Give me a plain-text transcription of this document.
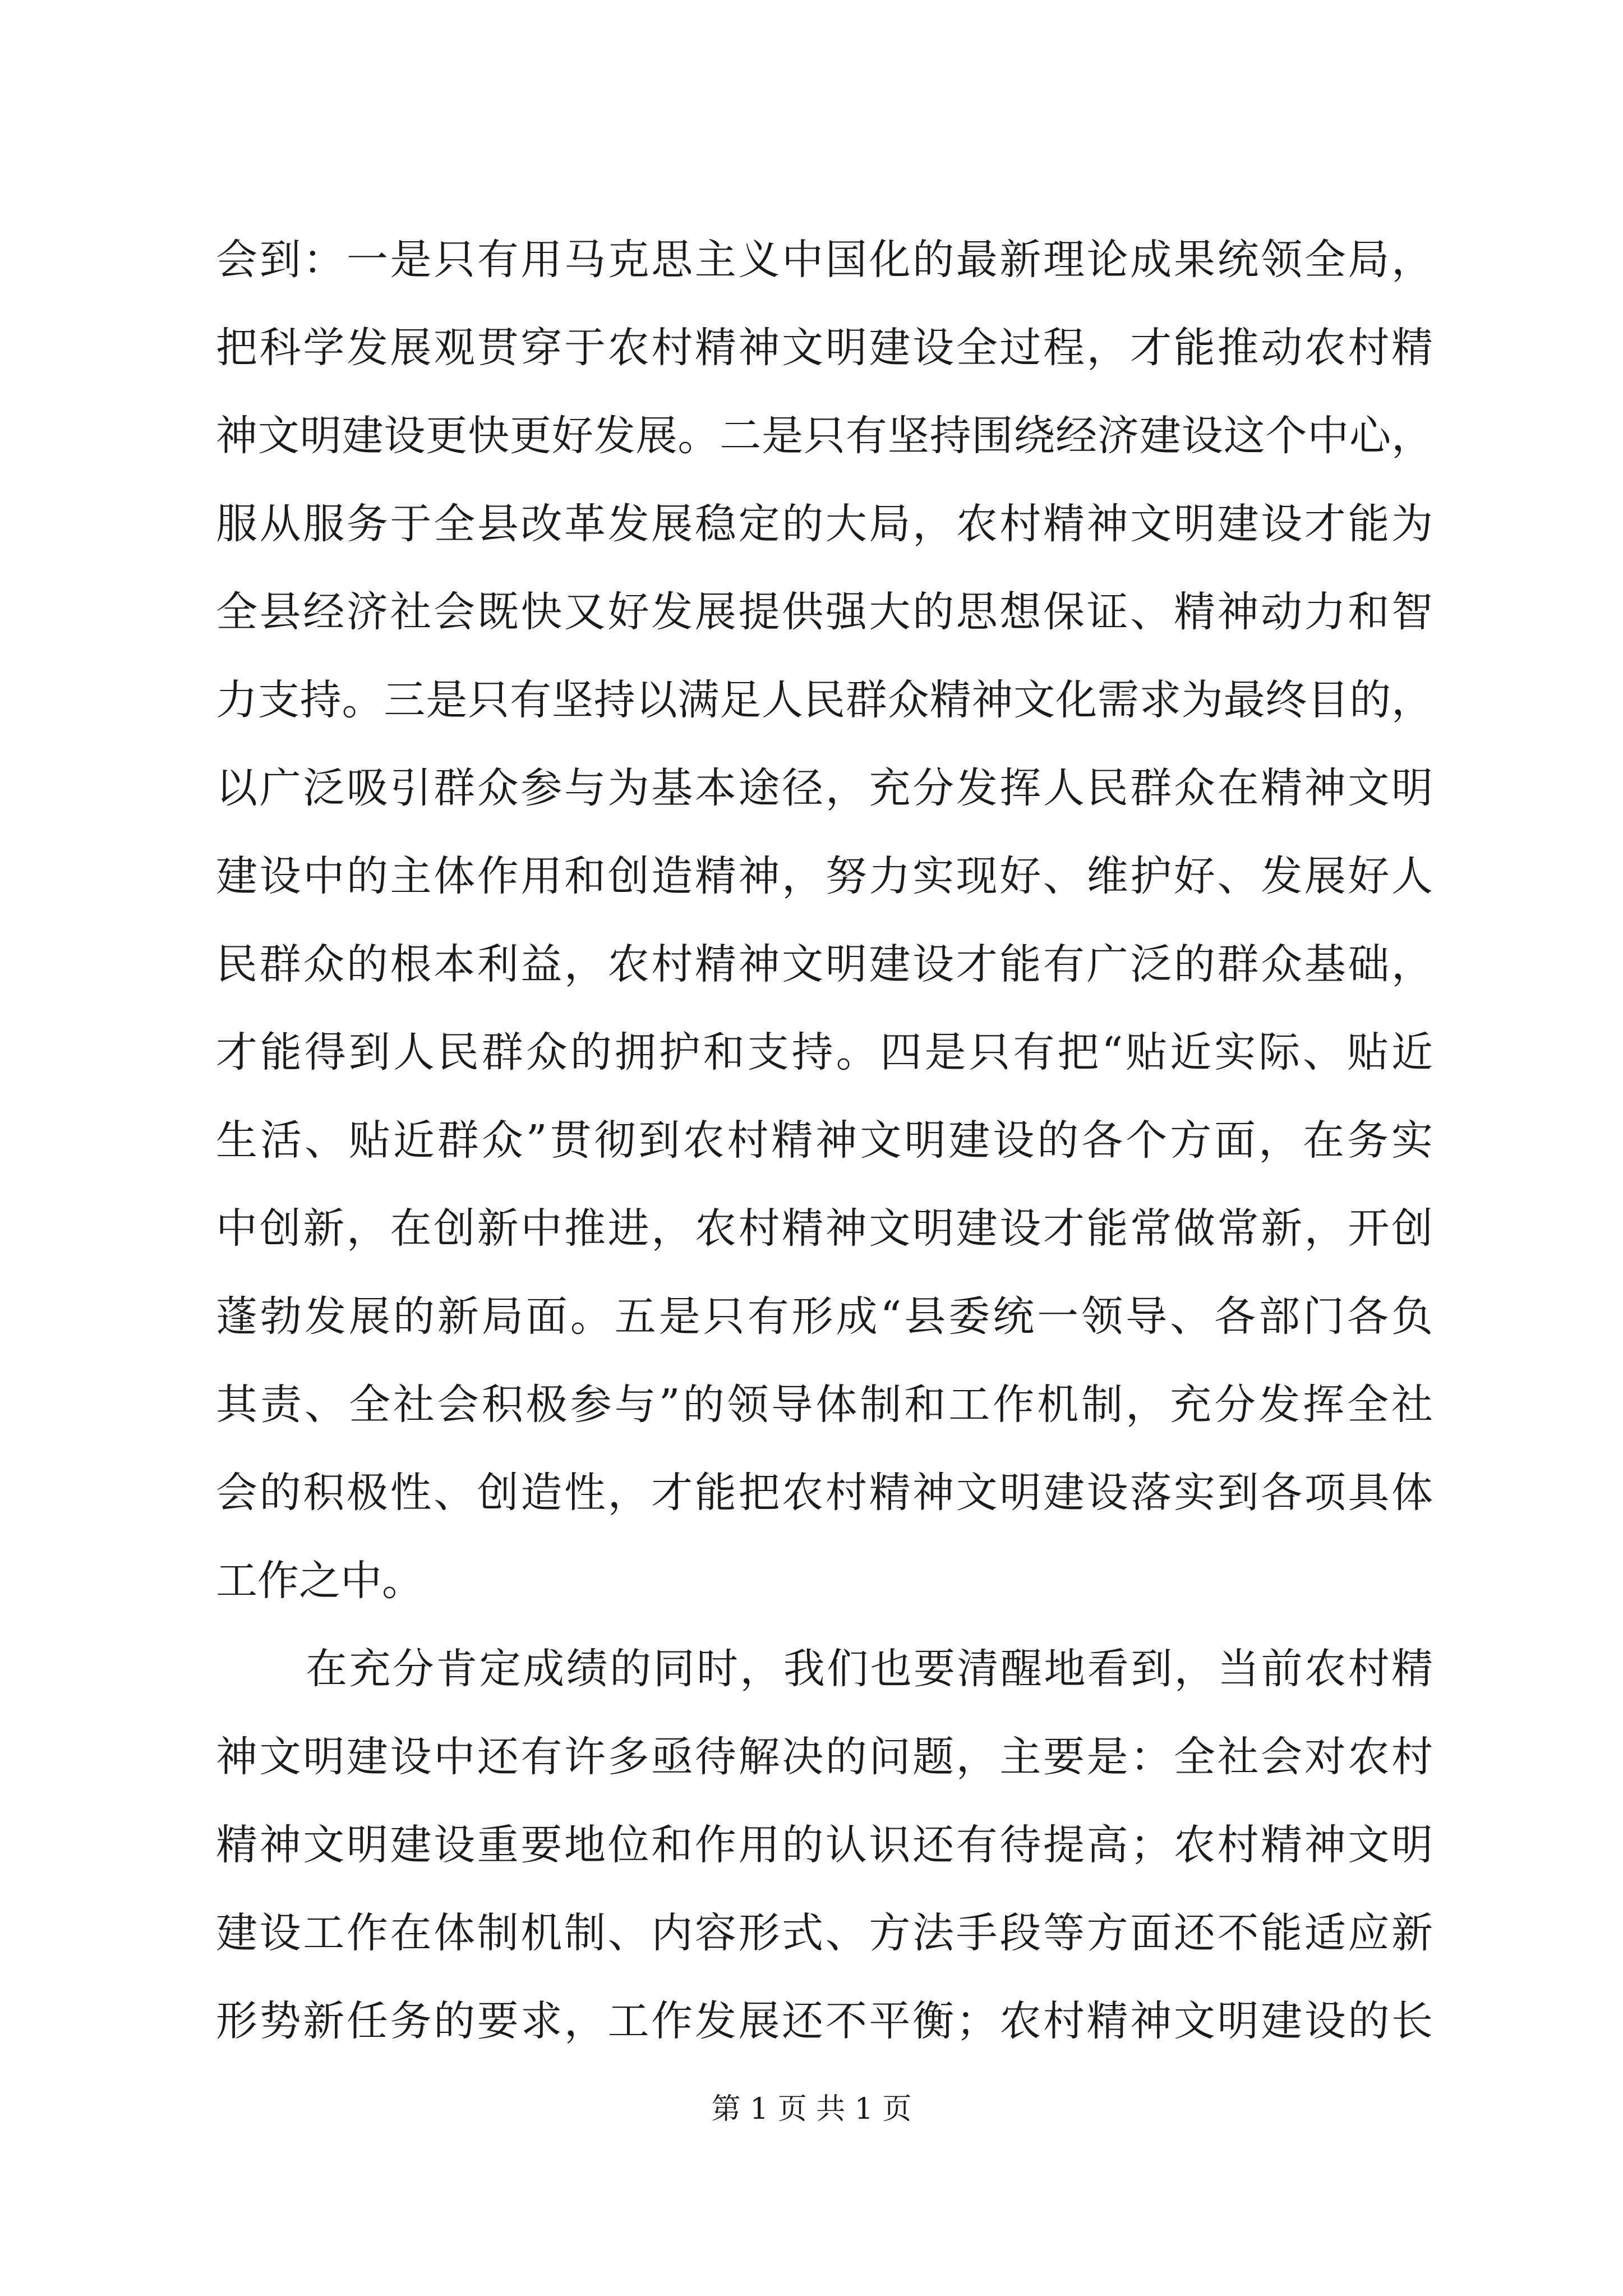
会到：一是只有用马克思主义中国化的最新理论成果统领全局，
把科学发展观贯穿于农村精神文明建设全过程，才能推动农村精
神文明建设更快更好发展。二是只有坚持围绕经济建设这个中心，
服从服务于全县改革发展稳定的大局，农村精神文明建设才能为
全县经济社会既快又好发展提供强大的思想保证、精神动力和智
力支持。三是只有坚持以满足人民群众精神文化需求为最终目的，
以广泛吸引群众参与为基本途径，充分发挥人民群众在精神文明
建设中的主体作用和创造精神，努力实现好、维护好、发展好人
民群众的根本利益，农村精神文明建设才能有广泛的群众基础，
才能得到人民群众的拥护和支持。四是只有把“贴近实际、贴近
生活、贴近群众”贯彻到农村精神文明建设的各个方面，在务实
中创新，在创新中推进，农村精神文明建设才能常做常新，开创
蓬勃发展的新局面。五是只有形成“县委统一领导、各部门各负
其责、全社会积极参与”的领导体制和工作机制，充分发挥全社
会的积极性、创造性，才能把农村精神文明建设落实到各项具体
工作之中。
在充分肯定成绩的同时，我们也要清醒地看到，当前农村精
神文明建设中还有许多亟待解决的问题，主要是：全社会对农村
精神文明建设重要地位和作用的认识还有待提高；农村精神文明
建设工作在体制机制、内容形式、方法手段等方面还不能适应新
形势新任务的要求，工作发展还不平衡；农村精神文明建设的长
第 1 页 共 1 页
